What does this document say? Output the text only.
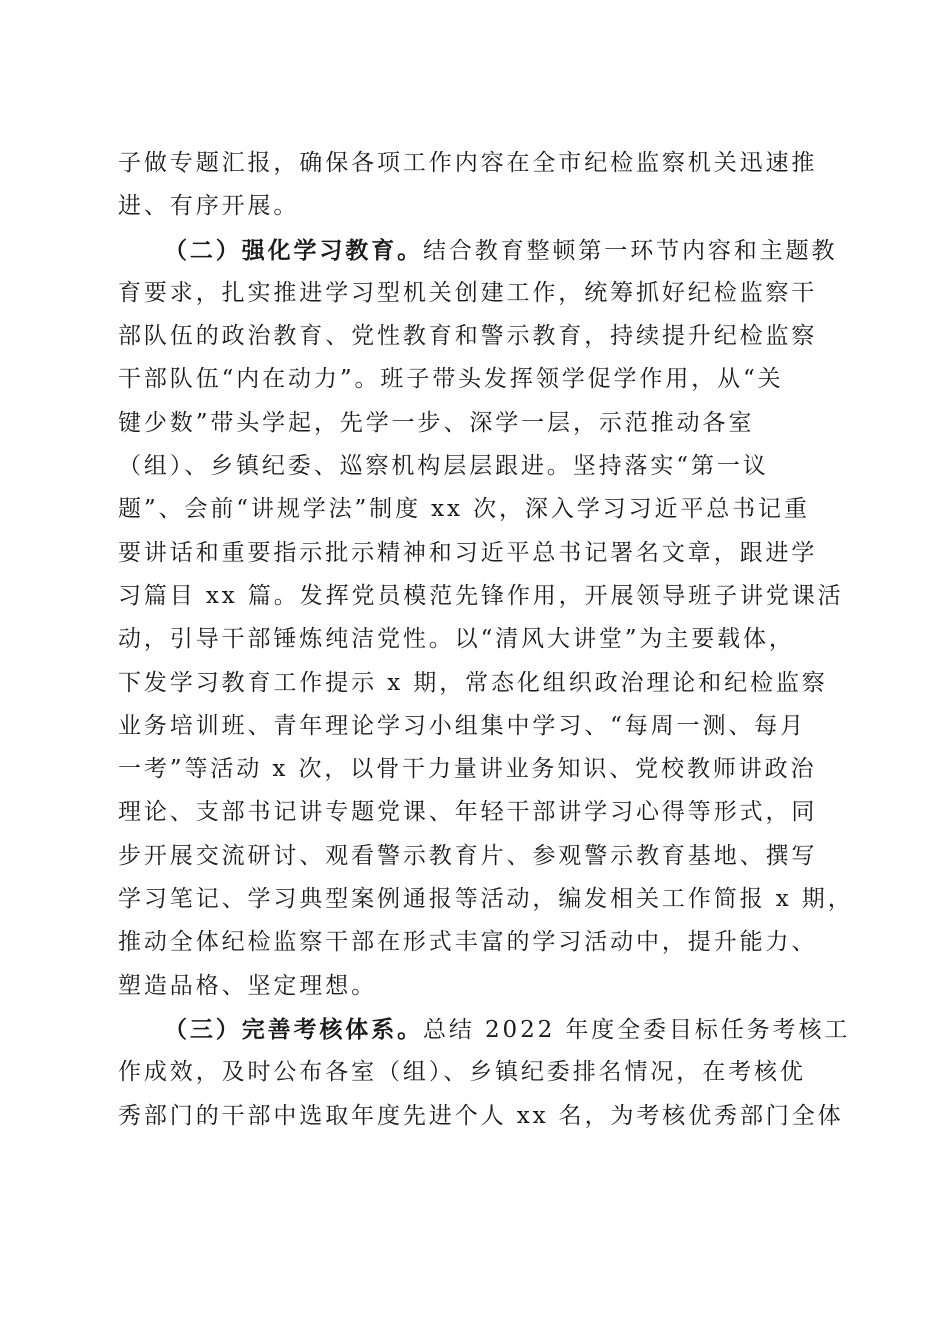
子做专题汇报，确保各项工作内容在全市纪检监察机关迅速推
进、有序开展。
（二）强化学习教育。结合教育整顿第一环节内容和主题教
育要求，扎实推进学习型机关创建工作，统筹抓好纪检监察干
部队伍的政治教育、党性教育和警示教育，持续提升纪检监察
干部队伍“内在动力”。班子带头发挥领学促学作用，从“关
键少数”带头学起，先学一步、深学一层，示范推动各室
（组）、乡镇纪委、巡察机构层层跟进。坚持落实“第一议
题”、会前“讲规学法”制度 xx 次，深入学习习近平总书记重
要讲话和重要指示批示精神和习近平总书记署名文章，跟进学
习篇目 xx 篇。发挥党员模范先锋作用，开展领导班子讲党课活
动，引导干部锤炼纯洁党性。以“清风大讲堂”为主要载体，
下发学习教育工作提示 x 期，常态化组织政治理论和纪检监察
业务培训班、青年理论学习小组集中学习、“每周一测、每月
一考”等活动 x 次，以骨干力量讲业务知识、党校教师讲政治
理论、支部书记讲专题党课、年轻干部讲学习心得等形式，同
步开展交流研讨、观看警示教育片、参观警示教育基地、撰写
学习笔记、学习典型案例通报等活动，编发相关工作简报 x 期，
推动全体纪检监察干部在形式丰富的学习活动中，提升能力、
塑造品格、坚定理想。
（三）完善考核体系。总结 2022 年度全委目标任务考核工
作成效，及时公布各室（组）、乡镇纪委排名情况，在考核优
秀部门的干部中选取年度先进个人 xx 名，为考核优秀部门全体
